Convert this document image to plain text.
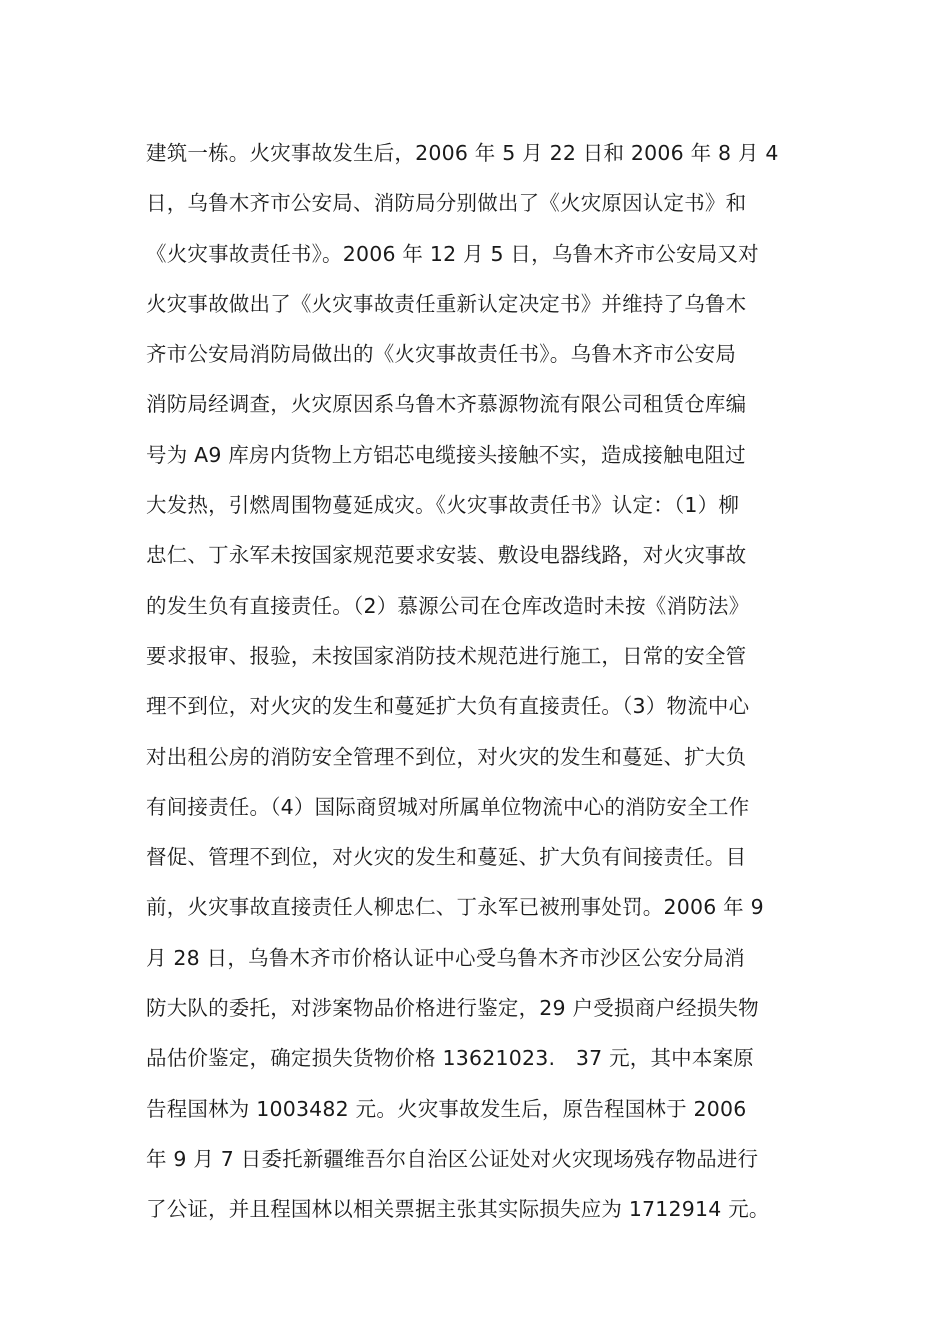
建筑一栋。火灾事故发生后，2006 年 5 月 22 日和 2006 年 8 月 4
日，乌鲁木齐市公安局、消防局分别做出了《火灾原因认定书》和
《火灾事故责任书》。2006 年 12 月 5 日，乌鲁木齐市公安局又对
火灾事故做出了《火灾事故责任重新认定决定书》并维持了乌鲁木
齐市公安局消防局做出的《火灾事故责任书》。乌鲁木齐市公安局
消防局经调查，火灾原因系乌鲁木齐慕源物流有限公司租赁仓库编
号为 A9 库房内货物上方铝芯电缆接头接触不实，造成接触电阻过
大发热，引燃周围物蔓延成灾。《火灾事故责任书》认定：（1）柳
忠仁、丁永军未按国家规范要求安装、敷设电器线路，对火灾事故
的发生负有直接责任。（2）慕源公司在仓库改造时未按《消防法》
要求报审、报验，未按国家消防技术规范进行施工，日常的安全管
理不到位，对火灾的发生和蔓延扩大负有直接责任。（3）物流中心
对出租公房的消防安全管理不到位，对火灾的发生和蔓延、扩大负
有间接责任。（4）国际商贸城对所属单位物流中心的消防安全工作
督促、管理不到位，对火灾的发生和蔓延、扩大负有间接责任。目
前，火灾事故直接责任人柳忠仁、丁永军已被刑事处罚。2006 年 9
月 28 日，乌鲁木齐市价格认证中心受乌鲁木齐市沙区公安分局消
防大队的委托，对涉案物品价格进行鉴定，29 户受损商户经损失物
品估价鉴定，确定损失货物价格 13621023.　37 元，其中本案原
告程国林为 1003482 元。火灾事故发生后，原告程国林于 2006
年 9 月 7 日委托新疆维吾尔自治区公证处对火灾现场残存物品进行
了公证，并且程国林以相关票据主张其实际损失应为 1712914 元。
